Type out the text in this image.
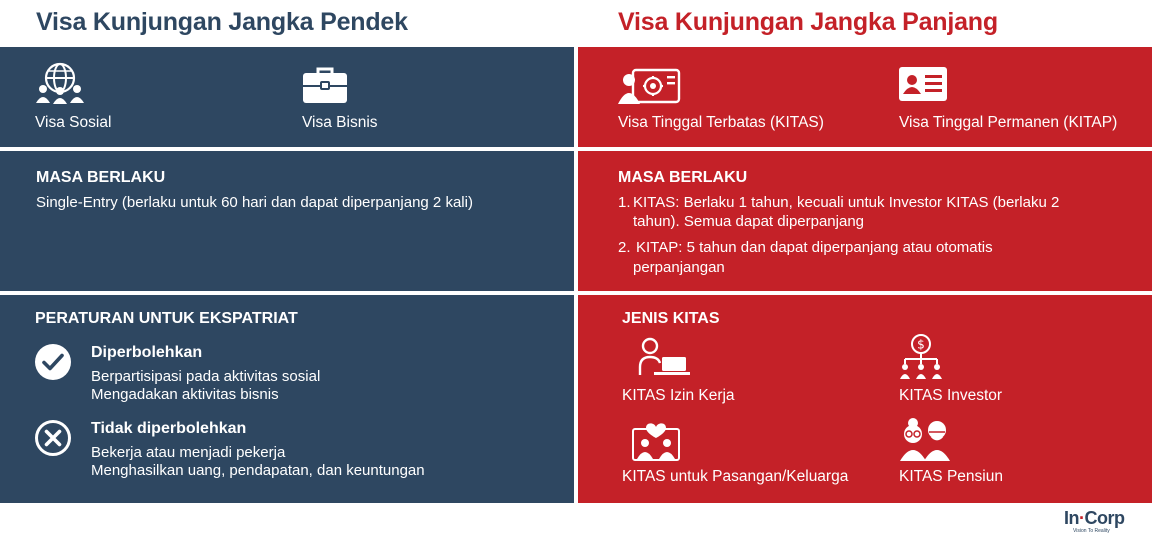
Visa Kunjungan Jangka Pendek	Visa Kunjungan Jangka Panjang
Visa Sosial	Visa Bisnis
MASA BERLAKU
Single-Entry (berlaku untuk 60 hari dan dapat diperpanjang 2 kali)
PERATURAN UNTUK EKSPATRIAT
Diperbolehkan
Berpartisipasi pada aktivitas sosial
Mengadakan aktivitas bisnis
Tidak diperbolehkan
Bekerja atau menjadi pekerja
Menghasilkan uang, pendapatan, dan keuntungan
Visa Tinggal Terbatas (KITAS)	Visa Tinggal Permanen (KITAP)
MASA BERLAKU
1. KITAS: Berlaku 1 tahun, kecuali untuk Investor KITAS (berlaku 2
tahun). Semua dapat diperpanjang
2. KITAP: 5 tahun dan dapat diperpanjang atau otomatis
perpanjangan
JENIS KITAS
KITAS Izin Kerja
$
KITAS Investor
KITAS untuk Pasangan/Keluarga	KITAS Pensiun
In·Corp
Vision To Reality
